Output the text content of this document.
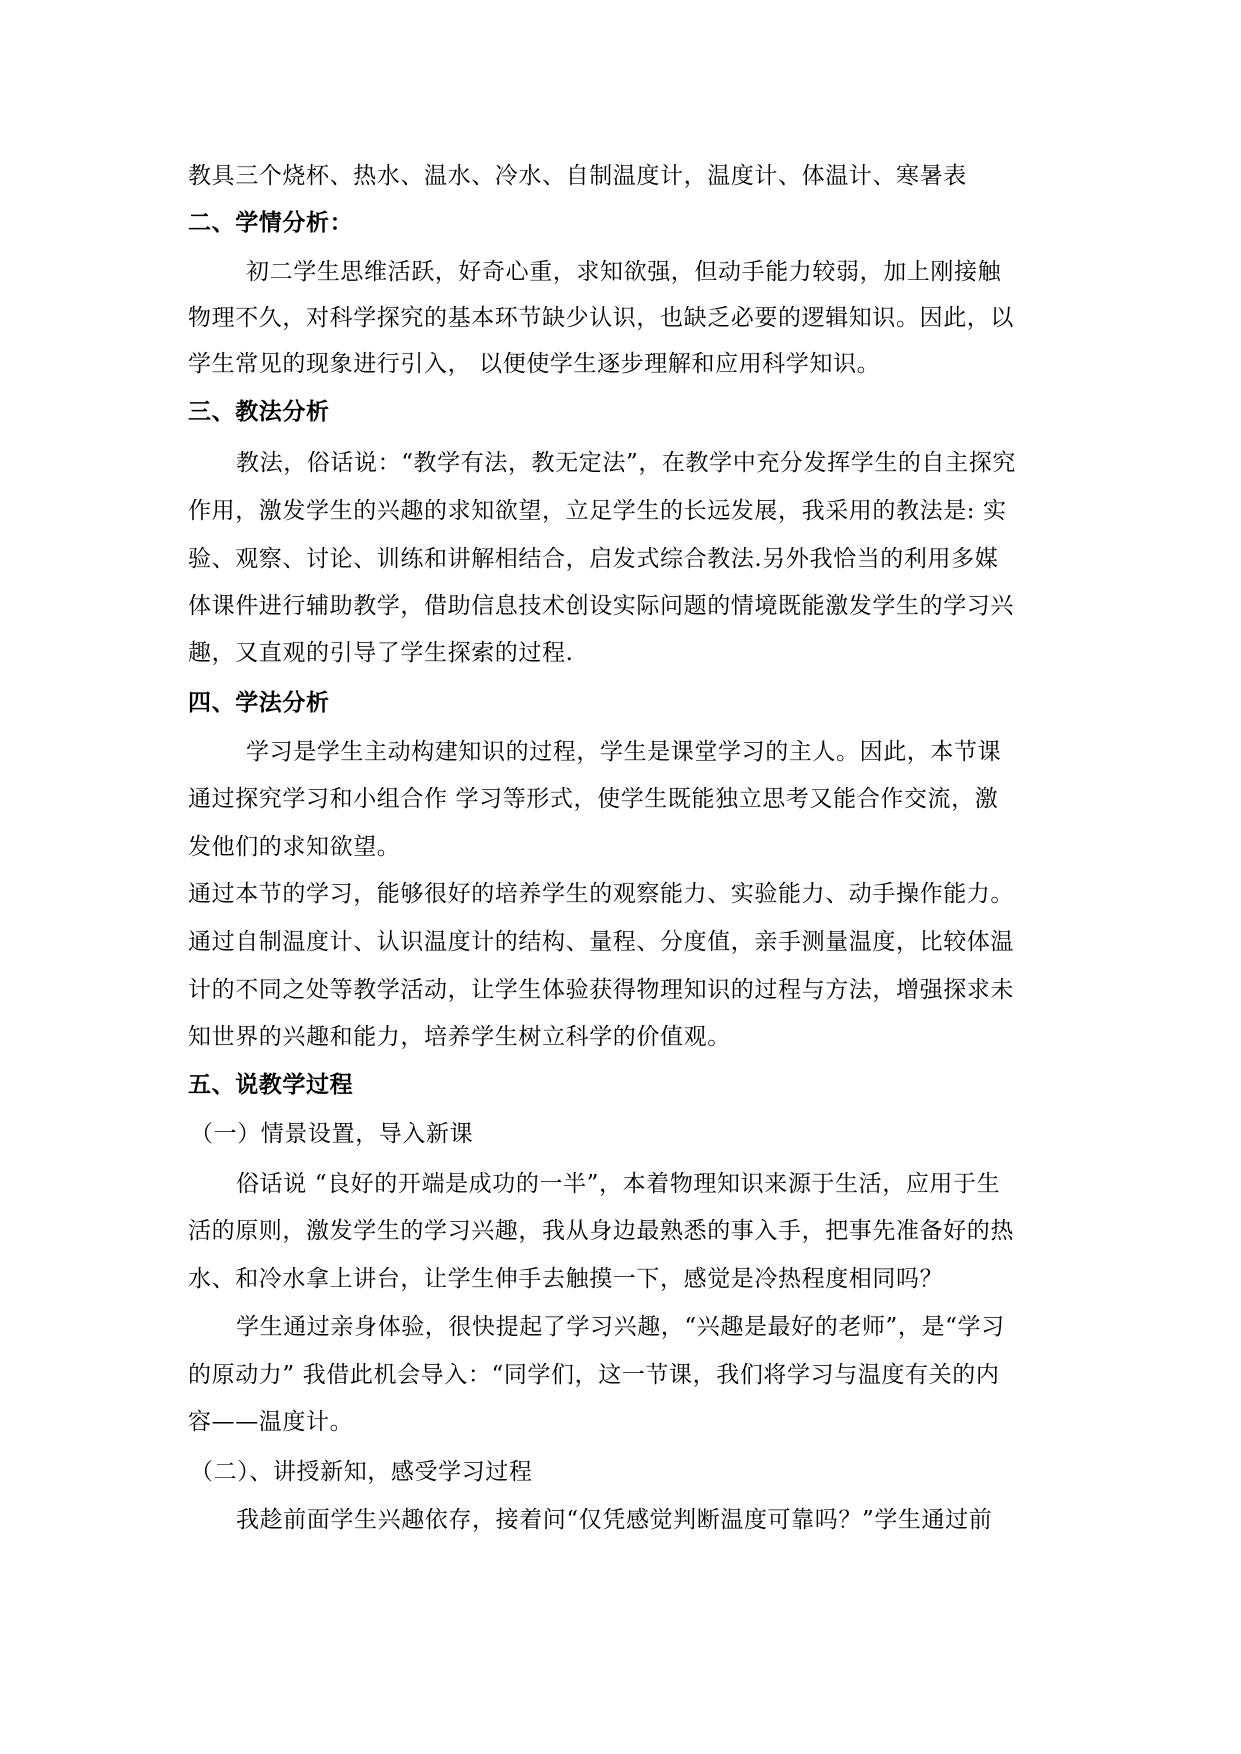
教具三个烧杯、热水、温水、冷水、自制温度计，温度计、体温计、寒暑表
二、学情分析：
初二学生思维活跃，好奇心重，求知欲强，但动手能力较弱，加上刚接触
物理不久，对科学探究的基本环节缺少认识，也缺乏必要的逻辑知识。因此，以
学生常见的现象进行引入， 以便使学生逐步理解和应用科学知识。
三、教法分析
教法，俗话说：“教学有法，教无定法”，在教学中充分发挥学生的自主探究
作用，激发学生的兴趣的求知欲望，立足学生的长远发展，我采用的教法是: 实
验、观察、讨论、训练和讲解相结合，启发式综合教法.另外我恰当的利用多媒
体课件进行辅助教学，借助信息技术创设实际问题的情境既能激发学生的学习兴
趣，又直观的引导了学生探索的过程.
四、学法分析
学习是学生主动构建知识的过程，学生是课堂学习的主人。因此，本节课
通过探究学习和小组合作 学习等形式，使学生既能独立思考又能合作交流，激
发他们的求知欲望。
通过本节的学习，能够很好的培养学生的观察能力、实验能力、动手操作能力。
通过自制温度计、认识温度计的结构、量程、分度值，亲手测量温度，比较体温
计的不同之处等教学活动，让学生体验获得物理知识的过程与方法，增强探求未
知世界的兴趣和能力，培养学生树立科学的价值观。
五、说教学过程
（一）情景设置，导入新课
俗话说 “良好的开端是成功的一半”，本着物理知识来源于生活，应用于生
活的原则，激发学生的学习兴趣，我从身边最熟悉的事入手，把事先准备好的热
水、和冷水拿上讲台，让学生伸手去触摸一下，感觉是冷热程度相同吗？
学生通过亲身体验，很快提起了学习兴趣，“兴趣是最好的老师”，是“学习
的原动力” 我借此机会导入：“同学们，这一节课，我们将学习与温度有关的内
容——温度计。
（二）、讲授新知，感受学习过程
我趁前面学生兴趣依存，接着问“仅凭感觉判断温度可靠吗？”学生通过前
